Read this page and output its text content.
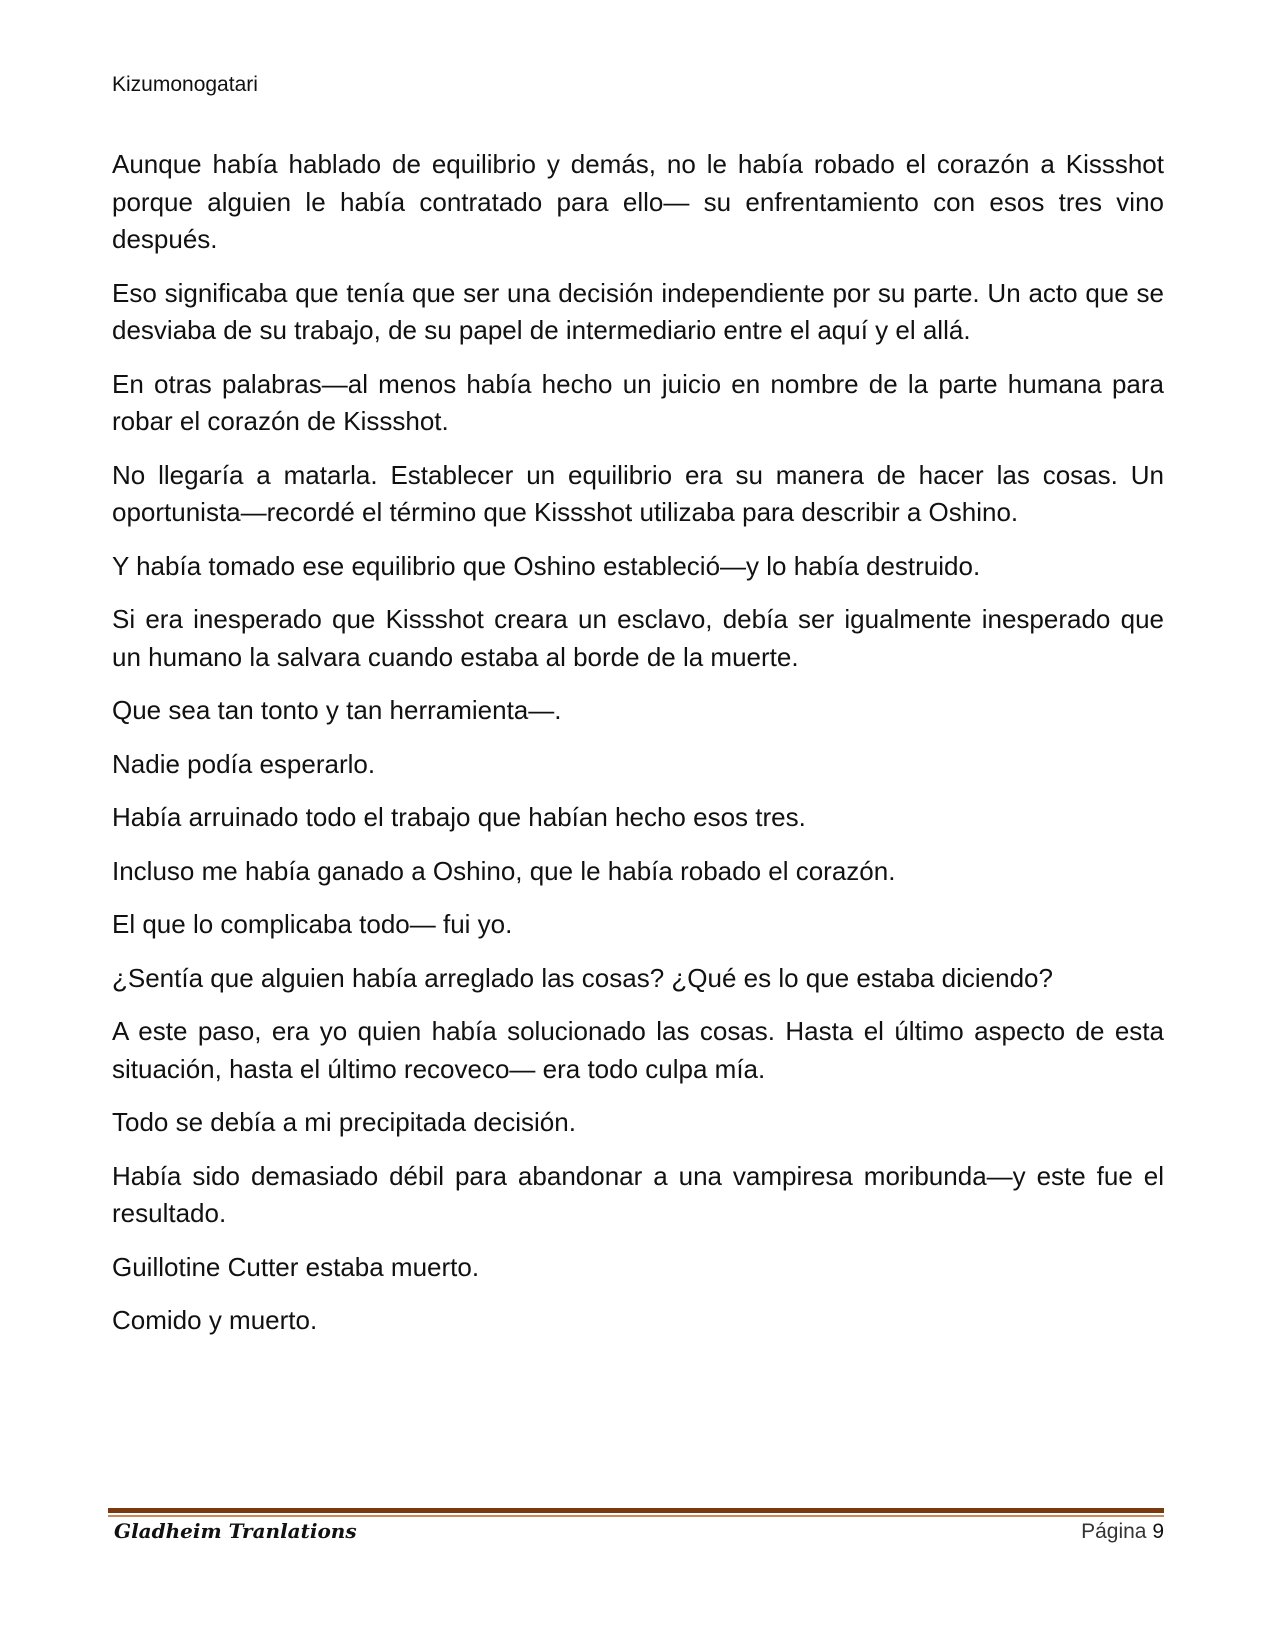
Kizumonogatari

Aunque había hablado de equilibrio y demás, no le había robado el corazón a Kissshot porque alguien le había contratado para ello— su enfrentamiento con esos tres vino después.

Eso significaba que tenía que ser una decisión independiente por su parte. Un acto que se desviaba de su trabajo, de su papel de intermediario entre el aquí y el allá.

En otras palabras—al menos había hecho un juicio en nombre de la parte humana para robar el corazón de Kissshot.

No llegaría a matarla. Establecer un equilibrio era su manera de hacer las cosas. Un oportunista—recordé el término que Kissshot utilizaba para describir a Oshino.

Y había tomado ese equilibrio que Oshino estableció—y lo había destruido.

Si era inesperado que Kissshot creara un esclavo, debía ser igualmente inesperado que un humano la salvara cuando estaba al borde de la muerte.

Que sea tan tonto y tan herramienta—.

Nadie podía esperarlo.

Había arruinado todo el trabajo que habían hecho esos tres.

Incluso me había ganado a Oshino, que le había robado el corazón.

El que lo complicaba todo— fui yo.

¿Sentía que alguien había arreglado las cosas? ¿Qué es lo que estaba diciendo?

A este paso, era yo quien había solucionado las cosas. Hasta el último aspecto de esta situación, hasta el último recoveco— era todo culpa mía.

Todo se debía a mi precipitada decisión.

Había sido demasiado débil para abandonar a una vampiresa moribunda—y este fue el resultado.

Guillotine Cutter estaba muerto.

Comido y muerto.

Gladheim Tranlations	Página 9
